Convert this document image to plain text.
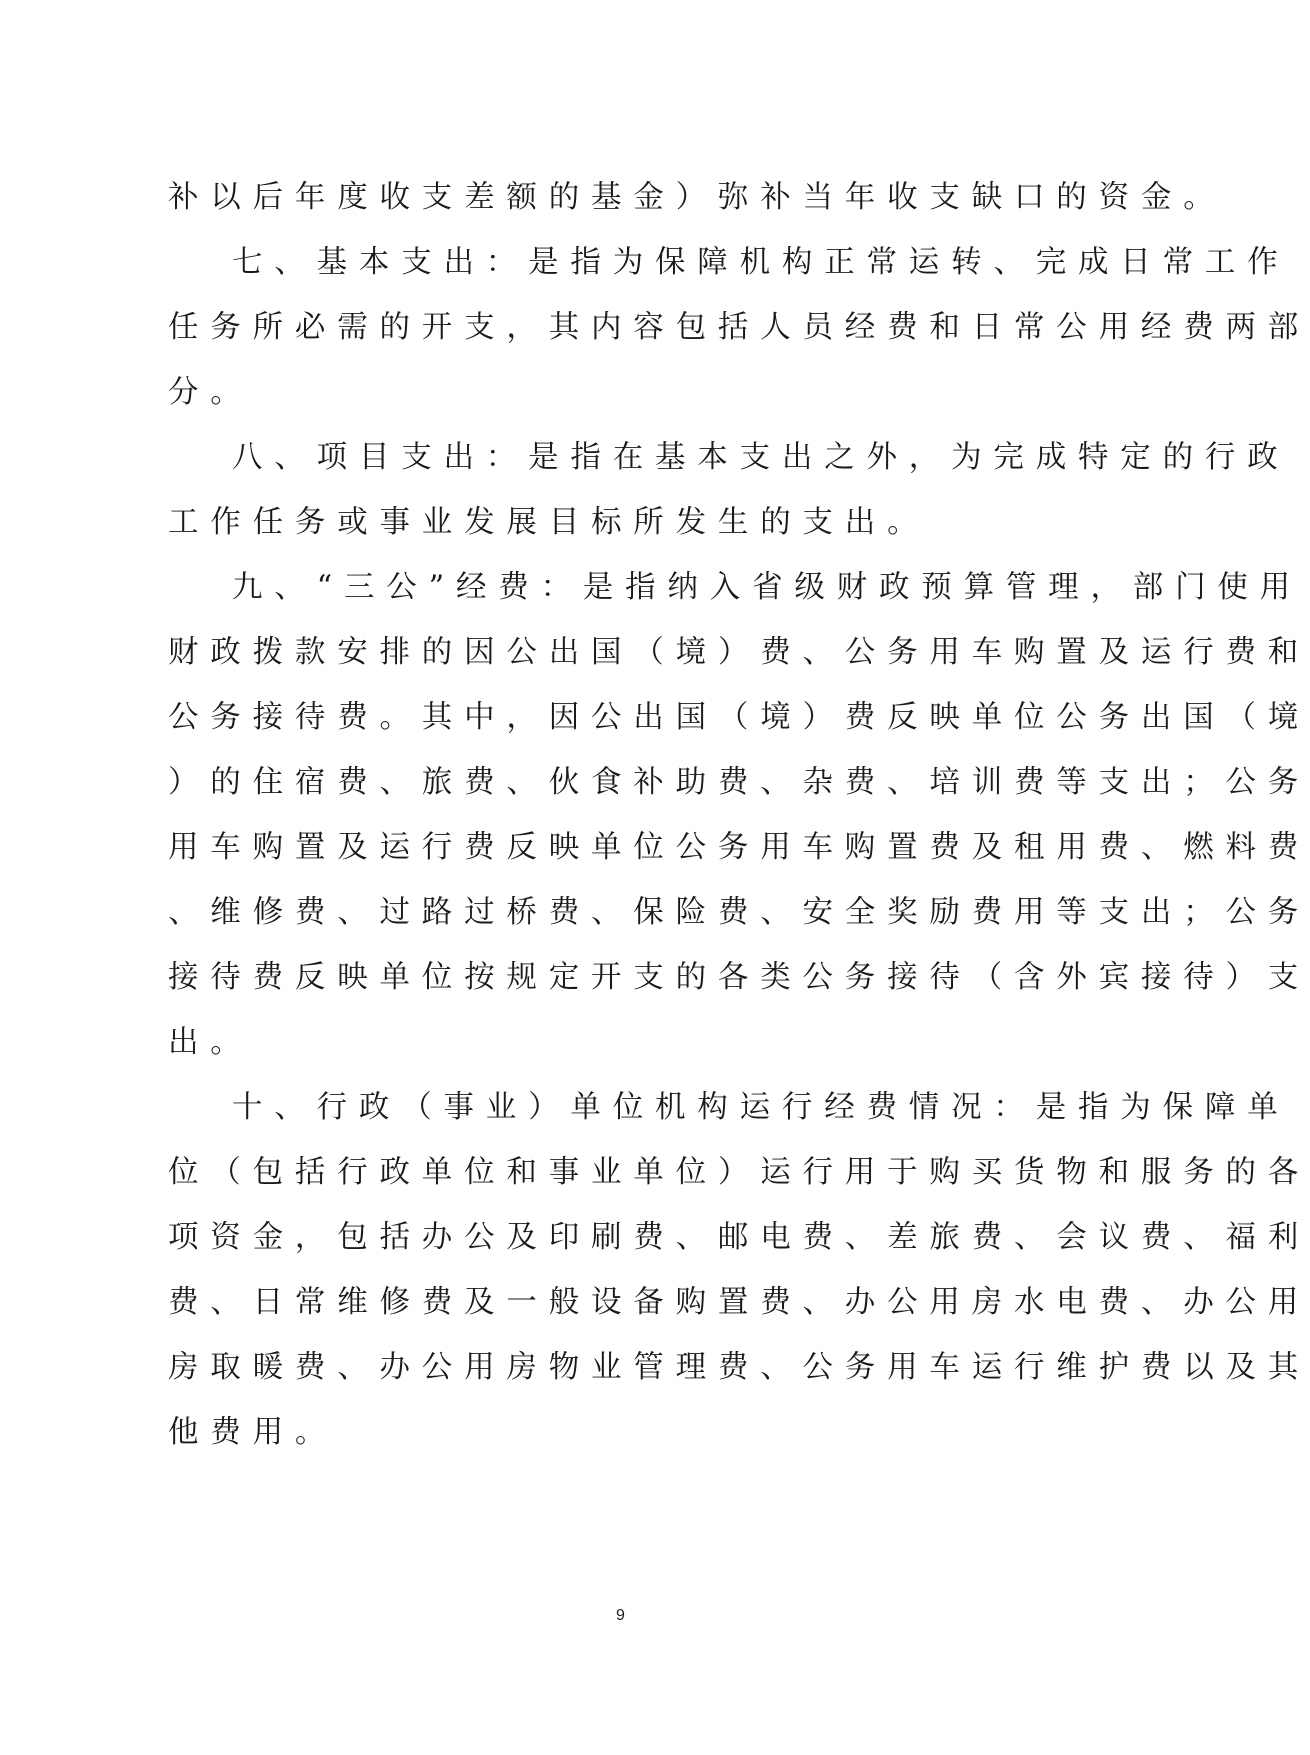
补以后年度收支差额的基金）弥补当年收支缺口的资金。
七、基本支出：是指为保障机构正常运转、完成日常工作
任务所必需的开支，其内容包括人员经费和日常公用经费两部
分。
八、项目支出：是指在基本支出之外，为完成特定的行政
工作任务或事业发展目标所发生的支出。
九、“三公”经费：是指纳入省级财政预算管理，部门使用
财政拨款安排的因公出国（境）费、公务用车购置及运行费和
公务接待费。其中，因公出国（境）费反映单位公务出国（境
）的住宿费、旅费、伙食补助费、杂费、培训费等支出；公务
用车购置及运行费反映单位公务用车购置费及租用费、燃料费
、维修费、过路过桥费、保险费、安全奖励费用等支出；公务
接待费反映单位按规定开支的各类公务接待（含外宾接待）支
出。
十、行政（事业）单位机构运行经费情况：是指为保障单
位（包括行政单位和事业单位）运行用于购买货物和服务的各
项资金，包括办公及印刷费、邮电费、差旅费、会议费、福利
费、日常维修费及一般设备购置费、办公用房水电费、办公用
房取暖费、办公用房物业管理费、公务用车运行维护费以及其
他费用。
9
